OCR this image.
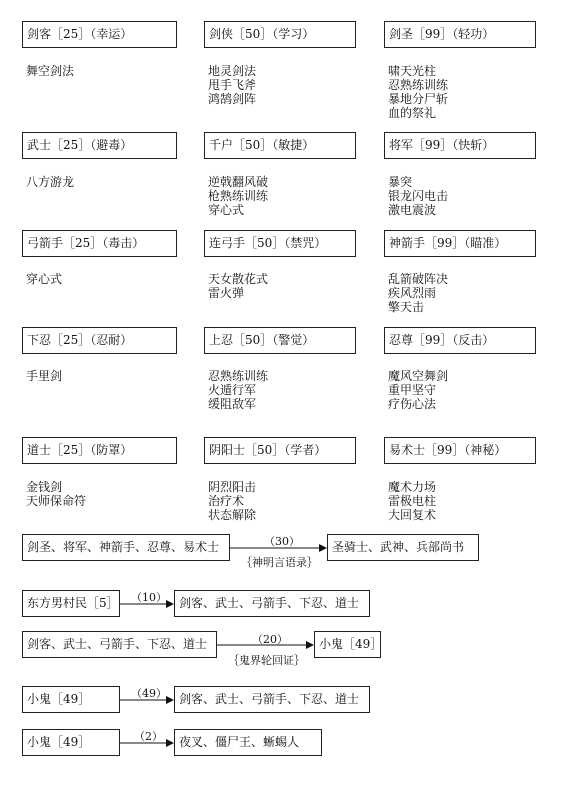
剑客［25］（幸运）
舞空剑法
剑侠［50］（学习）
地灵剑法
甩手飞斧
鸿鹄剑阵
剑圣［99］（轻功）
啸天光柱
忍熟练训练
暴地分尸斩
血的祭礼
武士［25］（避毒）
八方游龙
千户［50］（敏捷）
逆戟翻风破
枪熟练训练
穿心式
将军［99］（快斩）
暴突
银龙闪电击
激电震波
弓箭手［25］（毒击）
穿心式
连弓手［50］（禁咒）
天女散花式
雷火弹
神箭手［99］（瞄准）
乱箭破阵决
疾风烈雨
擎天击
下忍［25］（忍耐）
手里剑
上忍［50］（警觉）
忍熟练训练
火遁行军
缓阻敌军
忍尊［99］（反击）
魔风空舞剑
重甲坚守
疗伤心法
道士［25］（防罩）
金钱剑
天师保命符
阴阳士［50］（学者）
阴烈阳击
治疗术
状态解除
易术士［99］（神秘）
魔术力场
雷极电柱
大回复术
剑圣、将军、神箭手、忍尊、易术士	（30）
｛神明言语录｝
圣骑士、武神、兵部尚书
东方男村民［5］ （10）	剑客、武士、弓箭手、下忍、道士
剑客、武士、弓箭手、下忍、道士	（20）
｛鬼界轮回证｝
小鬼［49］
小鬼［49］	（49）	剑客、武士、弓箭手、下忍、道士
小鬼［49］	（2）	夜叉、僵尸王、蜥蜴人
